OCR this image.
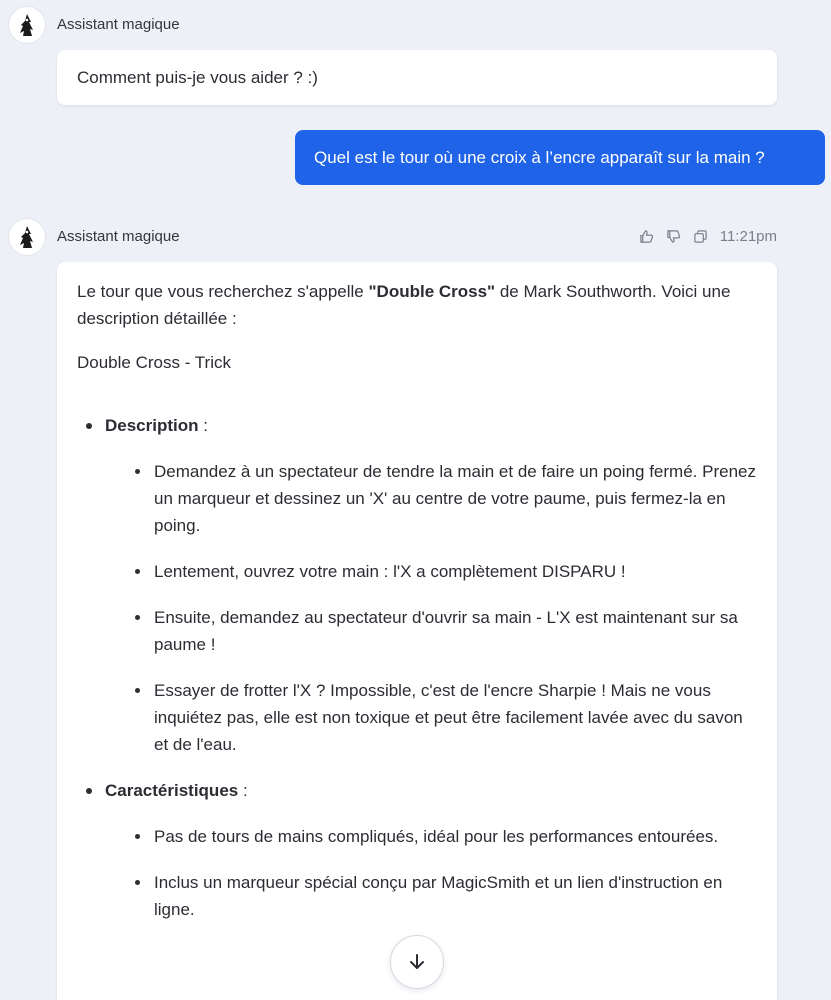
Assistant magique
Comment puis-je vous aider ? :)
Quel est le tour où une croix à l’encre apparaît sur la main ?
Assistant magique	11:21pm

Le tour que vous recherchez s'appelle "Double Cross" de Mark Southworth. Voici une description détaillée :

Double Cross - Trick

Description :
Demandez à un spectateur de tendre la main et de faire un poing fermé. Prenez un marqueur et dessinez un 'X' au centre de votre paume, puis fermez-la en poing.
Lentement, ouvrez votre main : l'X a complètement DISPARU !
Ensuite, demandez au spectateur d'ouvrir sa main - L'X est maintenant sur sa paume !
Essayer de frotter l'X ? Impossible, c'est de l'encre Sharpie ! Mais ne vous inquiétez pas, elle est non toxique et peut être facilement lavée avec du savon et de l'eau.
Caractéristiques :
Pas de tours de mains compliqués, idéal pour les performances entourées.
Inclus un marqueur spécial conçu par MagicSmith et un lien d'instruction en ligne.
